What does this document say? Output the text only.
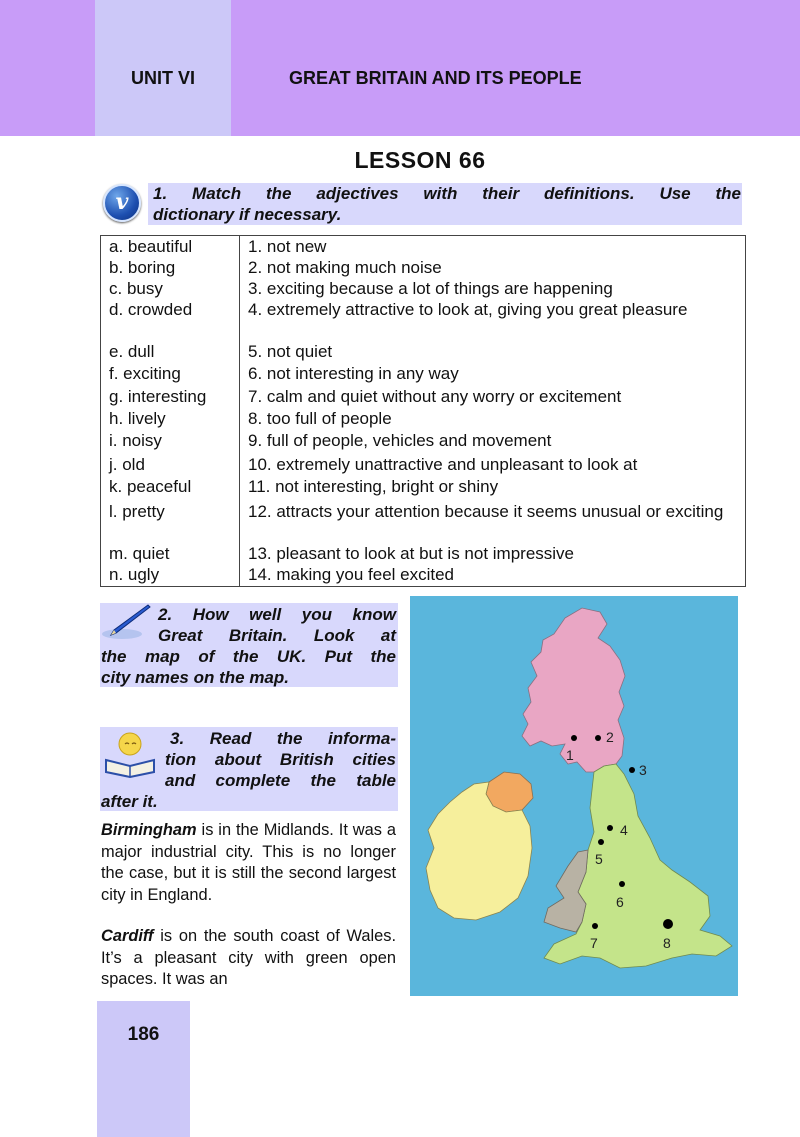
UNIT VI	GREAT BRITAIN AND ITS PEOPLE
LESSON 66
v	1. Match the adjectives with their definitions. Use the
dictionary if necessary.
a. beautiful	1. not new
b. boring	2. not making much noise
c. busy	3. exciting because a lot of things are happening
d. crowded	4. extremely attractive to look at, giving you great pleasure

e. dull	5. not quiet
f. exciting	6. not interesting in any way
g. interesting	7. calm and quiet without any worry or excitement
h. lively	8. too full of people
i. noisy	9. full of people, vehicles and movement
j. old	10. extremely unattractive and unpleasant to look at
k. peaceful	11. not interesting, bright or shiny
l. pretty	12. attracts your attention because it seems unusual or exciting

m. quiet	13. pleasant to look at but is not impressive
n. ugly	14. making you feel excited
2. How well you know
Great Britain. Look at
the map of the UK. Put the
city names on the map.
3. Read the informa-
tion about British cities
and complete the table
after it.
Birmingham is in the Midlands. It was a major industrial city. This is no longer the case, but it is still the second largest city in England.
Cardiff is on the south coast of Wales. It’s a pleasant city with green open spaces. It was an
1
2
3
4
5
6
7	8
186
